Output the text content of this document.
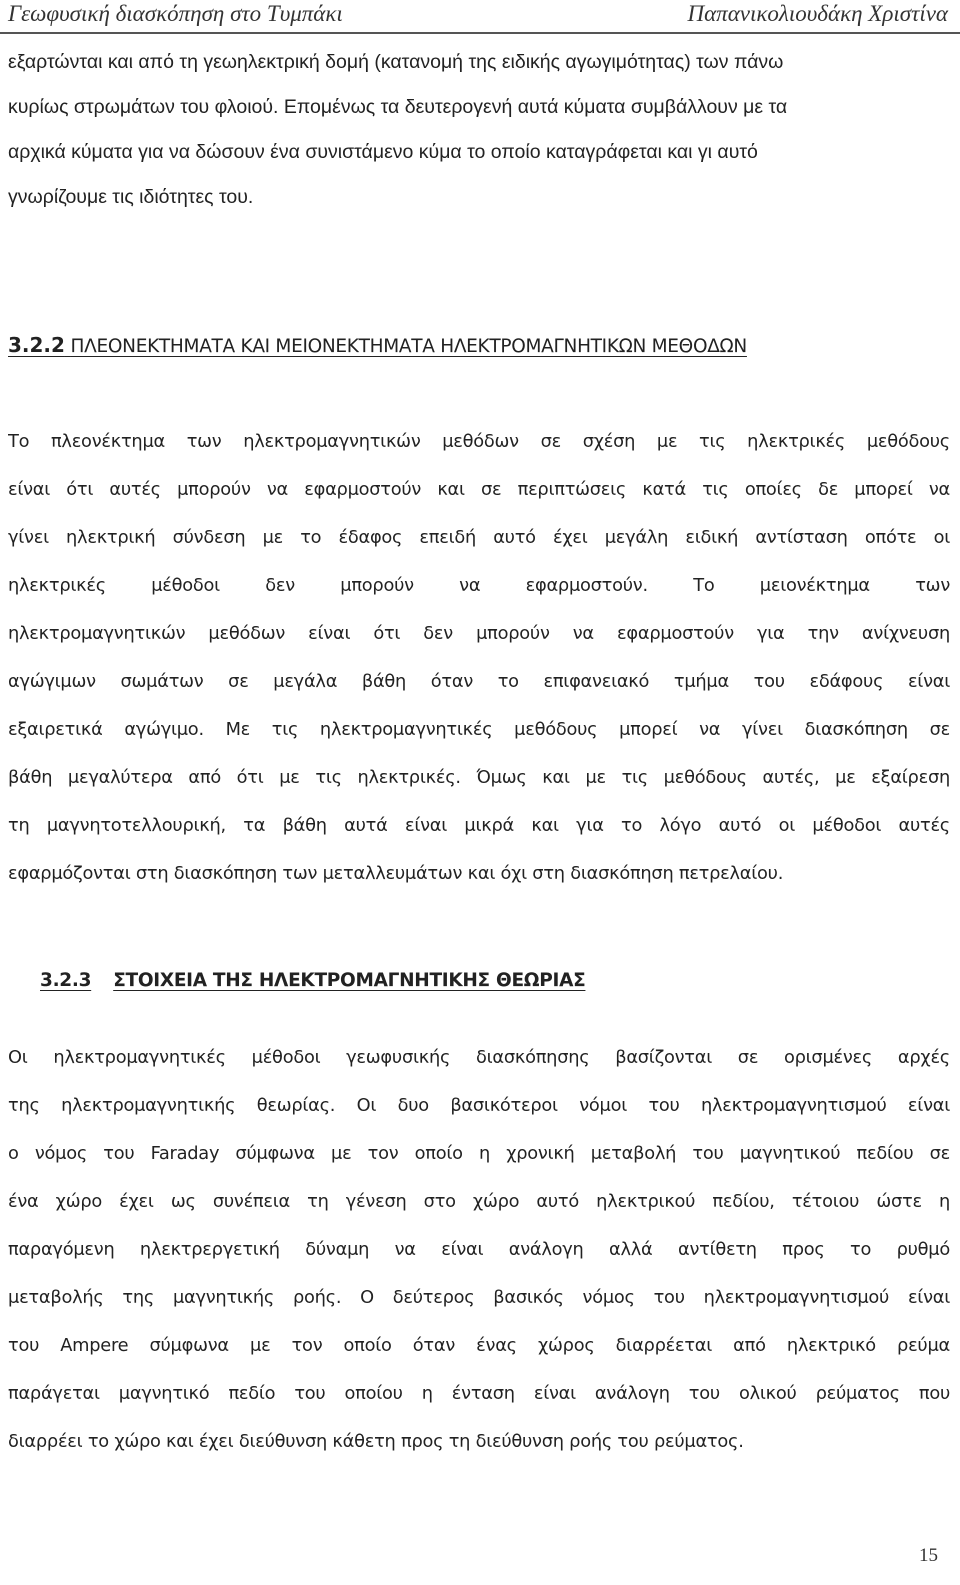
Γεωφυσική διασκόπηση στο Τυμπάκι	Παπανικολιουδάκη Χριστίνα
εξαρτώνται και από τη γεωηλεκτρική δομή (κατανομή της ειδικής αγωγιμότητας) των πάνω
κυρίως στρωμάτων του φλοιού. Επομένως τα δευτερογενή αυτά κύματα συμβάλλουν με τα
αρχικά κύματα για να δώσουν ένα συνιστάμενο κύμα το οποίο καταγράφεται και γι αυτό
γνωρίζουμε τις ιδιότητες του.
3.2.2 ΠΛΕΟΝΕΚΤΗΜΑΤΑ ΚΑΙ ΜΕΙΟΝΕΚΤΗΜΑΤΑ ΗΛΕΚΤΡΟΜΑΓΝΗΤΙΚΩΝ ΜΕΘΟΔΩΝ
Το πλεονέκτημα των ηλεκτρομαγνητικών μεθόδων σε σχέση με τις ηλεκτρικές μεθόδους
είναι ότι αυτές μπορούν να εφαρμοστούν και σε περιπτώσεις κατά τις οποίες δε μπορεί να
γίνει ηλεκτρική σύνδεση με το έδαφος επειδή αυτό έχει μεγάλη ειδική αντίσταση οπότε οι
ηλεκτρικές μέθοδοι δεν μπορούν να εφαρμοστούν. Το μειονέκτημα των
ηλεκτρομαγνητικών μεθόδων είναι ότι δεν μπορούν να εφαρμοστούν για την ανίχνευση
αγώγιμων σωμάτων σε μεγάλα βάθη όταν το επιφανειακό τμήμα του εδάφους είναι
εξαιρετικά αγώγιμο. Με τις ηλεκτρομαγνητικές μεθόδους μπορεί να γίνει διασκόπηση σε
βάθη μεγαλύτερα από ότι με τις ηλεκτρικές. Όμως και με τις μεθόδους αυτές, με εξαίρεση
τη μαγνητοτελλουρική, τα βάθη αυτά είναι μικρά και για το λόγο αυτό οι μέθοδοι αυτές
εφαρμόζονται στη διασκόπηση των μεταλλευμάτων και όχι στη διασκόπηση πετρελαίου.
3.2.3 ΣΤΟΙΧΕΙΑ ΤΗΣ ΗΛΕΚΤΡΟΜΑΓΝΗΤΙΚΗΣ ΘΕΩΡΙΑΣ
Οι ηλεκτρομαγνητικές μέθοδοι γεωφυσικής διασκόπησης βασίζονται σε ορισμένες αρχές
της ηλεκτρομαγνητικής θεωρίας. Οι δυο βασικότεροι νόμοι του ηλεκτρομαγνητισμού είναι
ο νόμος του Faraday σύμφωνα με τον οποίο η χρονική μεταβολή του μαγνητικού πεδίου σε
ένα χώρο έχει ως συνέπεια τη γένεση στο χώρο αυτό ηλεκτρικού πεδίου, τέτοιου ώστε η
παραγόμενη ηλεκτρεργετική δύναμη να είναι ανάλογη αλλά αντίθετη προς το ρυθμό
μεταβολής της μαγνητικής ροής. Ο δεύτερος βασικός νόμος του ηλεκτρομαγνητισμού είναι
του Ampere σύμφωνα με τον οποίο όταν ένας χώρος διαρρέεται από ηλεκτρικό ρεύμα
παράγεται μαγνητικό πεδίο του οποίου η ένταση είναι ανάλογη του ολικού ρεύματος που
διαρρέει το χώρο και έχει διεύθυνση κάθετη προς τη διεύθυνση ροής του ρεύματος.
15
